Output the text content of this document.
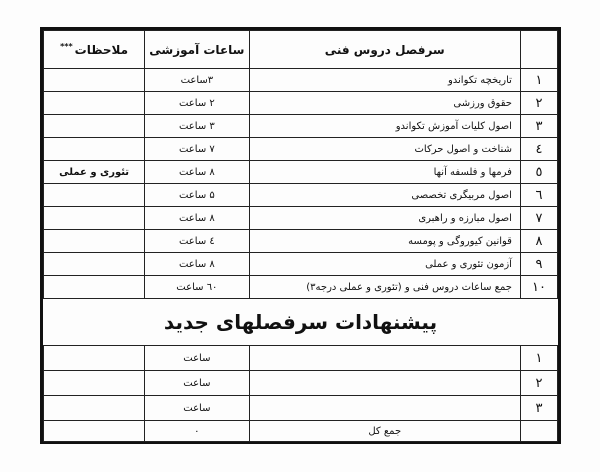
	سرفصل دروس فنی	ساعات آموزشی	ملاحظات***
١	تاریخچه تکواندو	۳ساعت	
٢	حقوق ورزشی	۲ ساعت	
٣	اصول کلیات آموزش تکواندو	۳ ساعت	
٤	شناخت و اصول حرکات	۷ ساعت	
٥	فرمها و فلسفه آنها	۸ ساعت	تئوری و عملی
٦	اصول مربیگری تخصصی	۵ ساعت	
٧	اصول مبارزه و راهبری	۸ ساعت	
٨	قوانین کیوروگی و پومسه	٤ ساعت	
٩	آزمون تئوری و عملی	۸ ساعت	
١٠	جمع ساعات دروس فنی و (تئوری و عملی درجه۳)	٦٠ ساعت	
پیشنهادات سرفصلهای جدید			
١		ساعت	
٢		ساعت	
٣		ساعت	
	جمع کل	۰	
